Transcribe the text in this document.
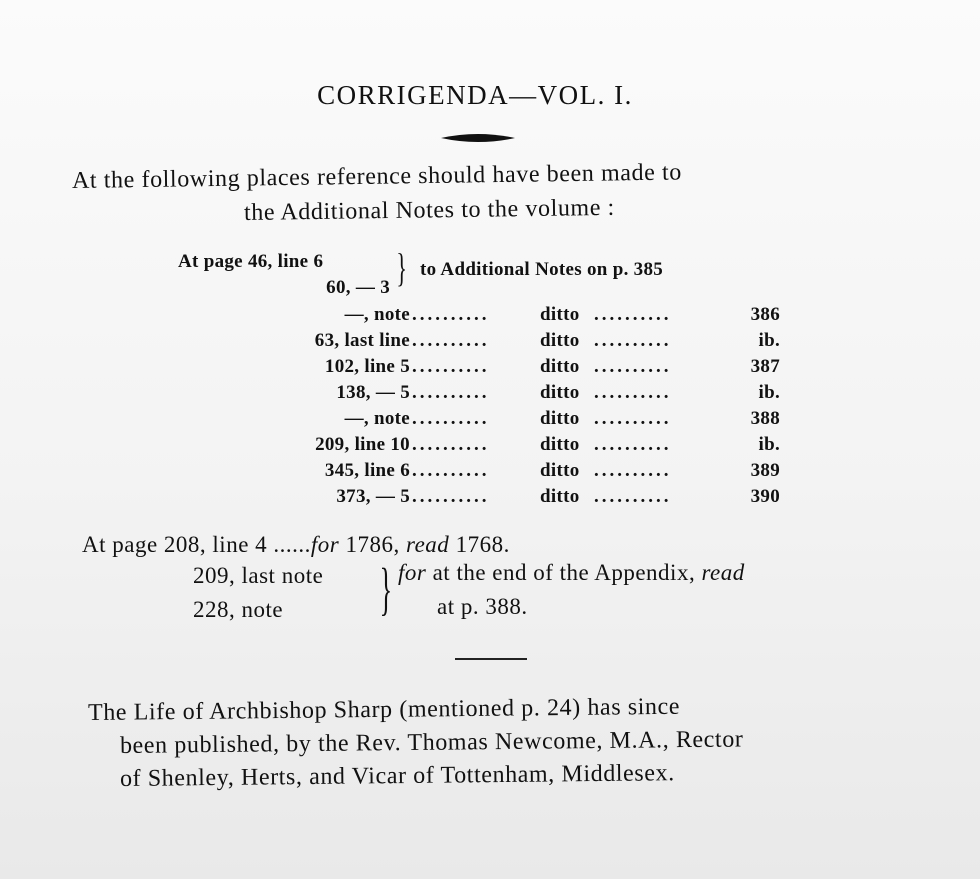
CORRIGENDA—VOL. I.
At the following places reference should have been made to
the Additional Notes to the volume :
At page 46, line 6
60, — 3 } to Additional Notes on p. 385
—, note ..........	ditto ..........	386
63, last line ..........	ditto ..........	ib.
102, line 5 ..........	ditto ..........	387
138, — 5 ..........	ditto ..........	ib.
—, note ..........	ditto ..........	388
209, line 10 ..........	ditto ..........	ib.
345, line 6 ..........	ditto ..........	389
373, — 5 ..........	ditto ..........	390
At page 208, line 4 ......for 1786, read 1768.
209, last note
228, note } for at the end of the Appendix, read
at p. 388.
The Life of Archbishop Sharp (mentioned p. 24) has since
been published, by the Rev. Thomas Newcome, M.A., Rector
of Shenley, Herts, and Vicar of Tottenham, Middlesex.
